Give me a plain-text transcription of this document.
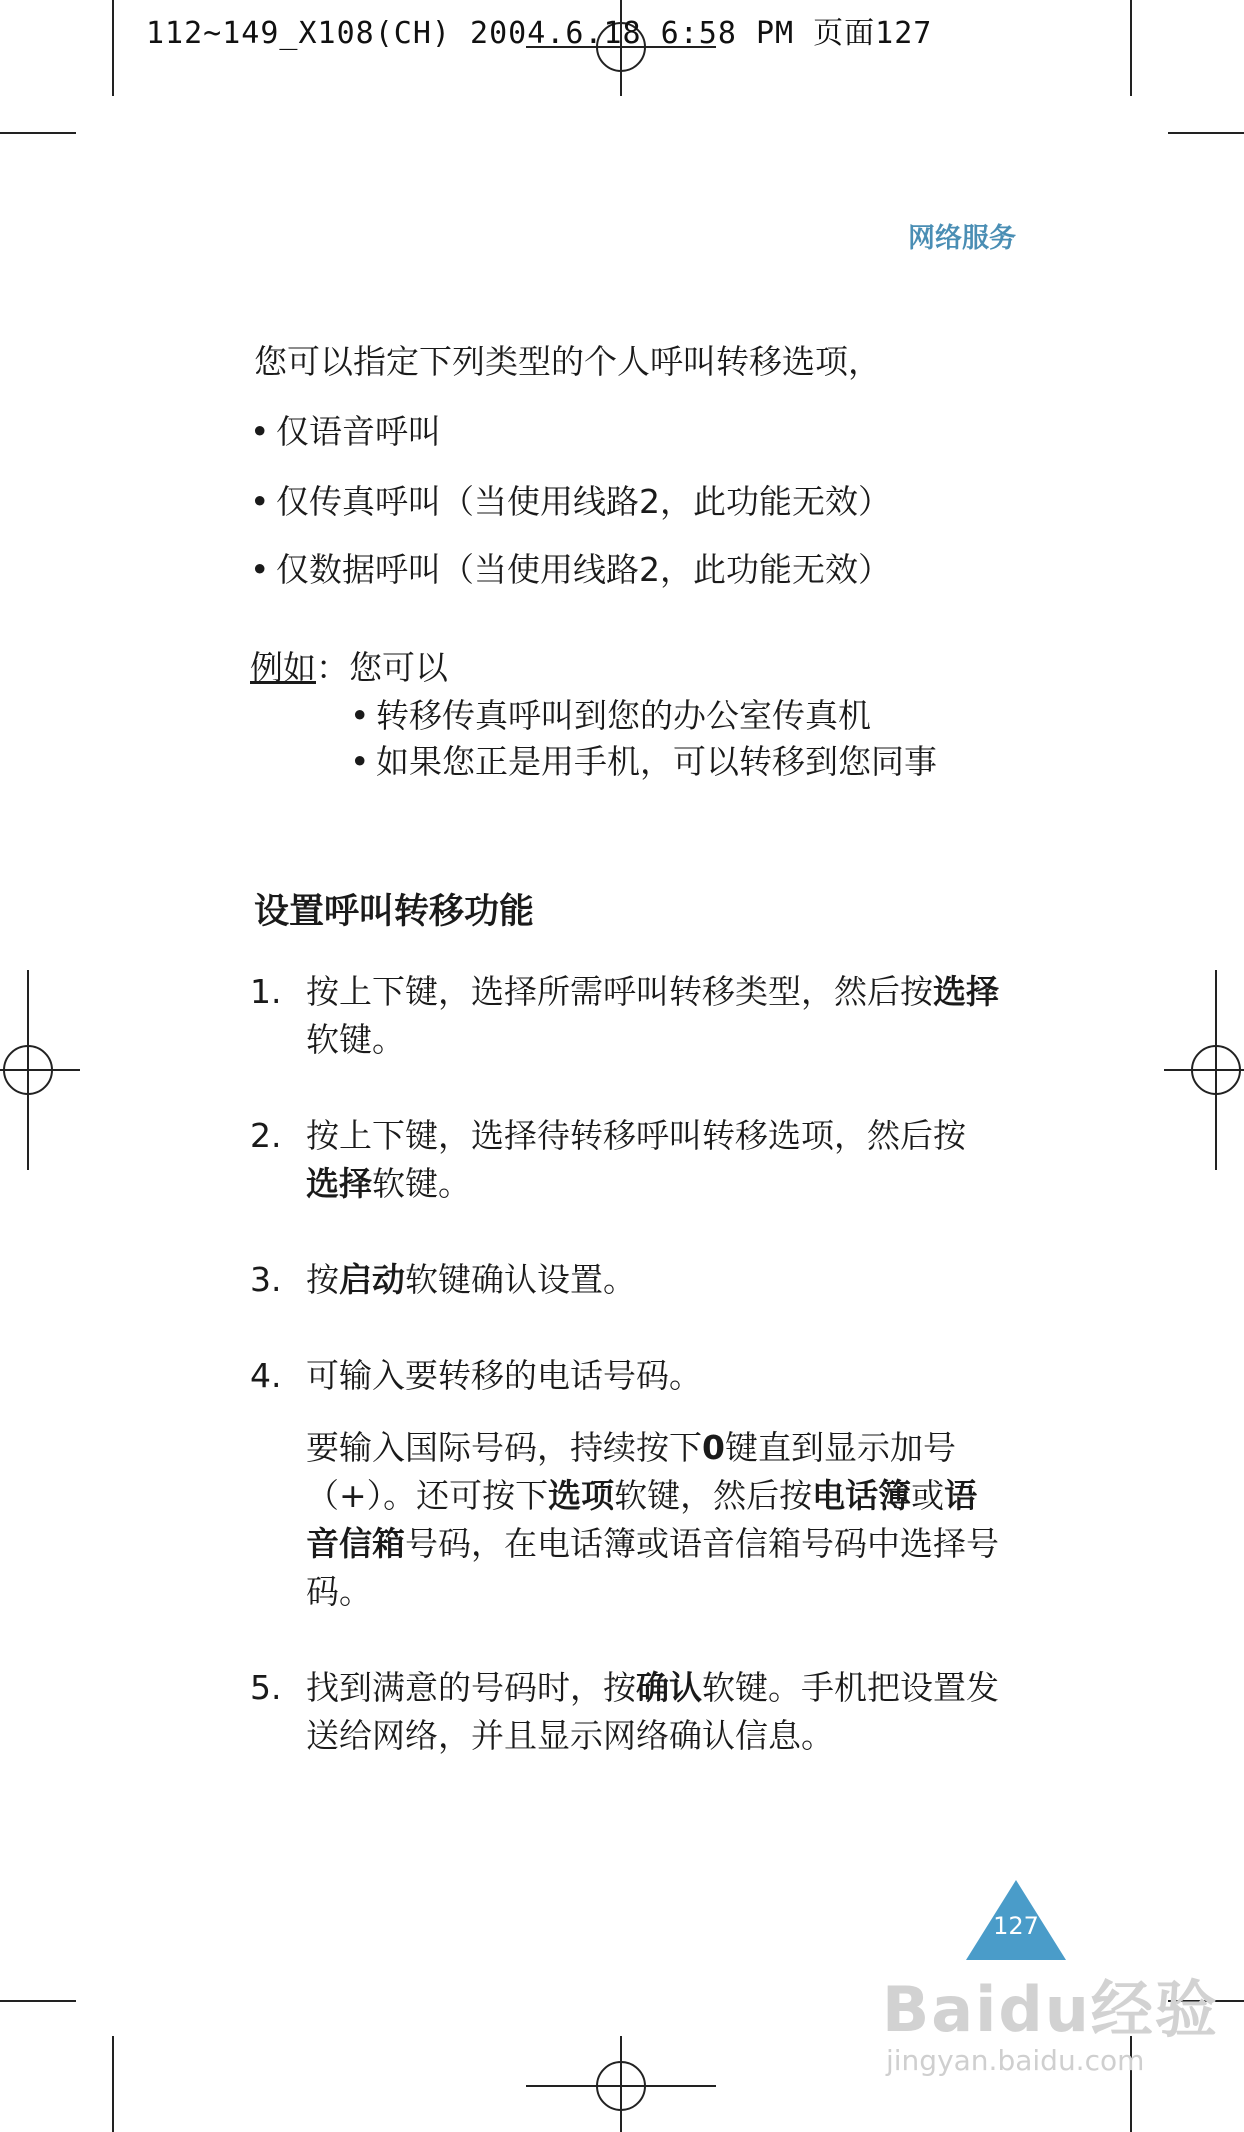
112~149_X108(CH) 2004.6.18 6:58 PM 页面127
网络服务
您可以指定下列类型的个人呼叫转移选项，
• 仅语音呼叫
• 仅传真呼叫（当使用线路2，此功能无效）
• 仅数据呼叫（当使用线路2，此功能无效）
例如：您可以
• 转移传真呼叫到您的办公室传真机
• 如果您正是用手机，可以转移到您同事
设置呼叫转移功能
1. 按上下键，选择所需呼叫转移类型，然后按选择
软键。
2. 按上下键，选择待转移呼叫转移选项，然后按
选择软键。
3. 按启动软键确认设置。
4. 可输入要转移的电话号码。
要输入国际号码，持续按下0键直到显示加号（+）。还可按下选项软键，然后按电话簿或语音信箱号码，在电话簿或语音信箱号码中选择号码。
5. 找到满意的号码时，按确认软键。手机把设置发送给网络，并且显示网络确认信息。
127
Baidu经验
jingyan.baidu.com
